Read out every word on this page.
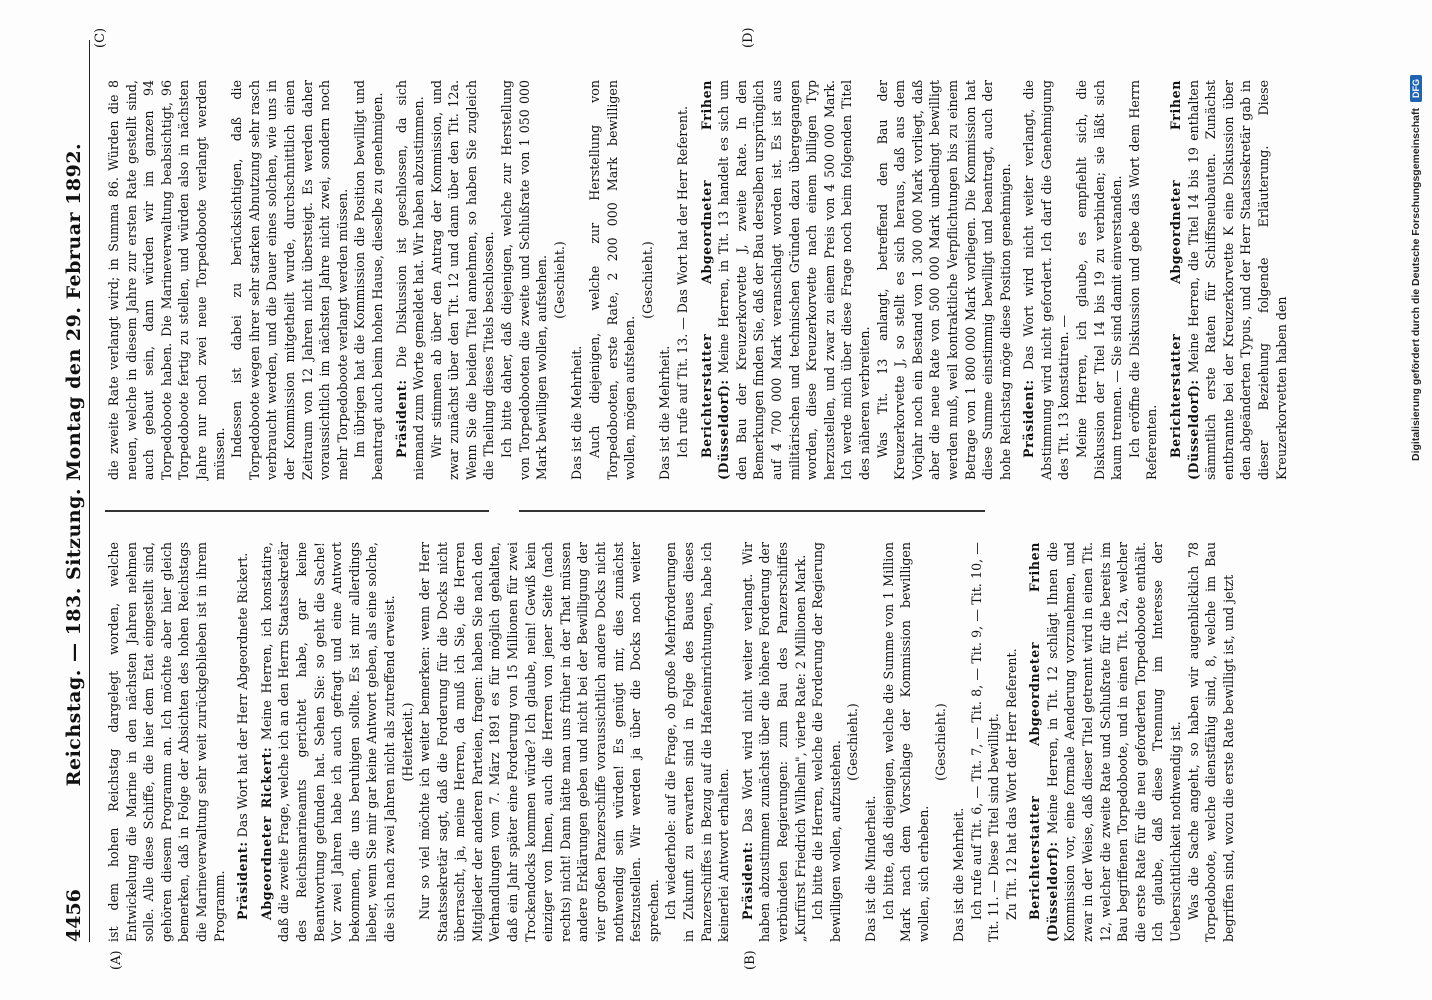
4456
Reichstag. — 183. Sitzung. Montag den 29. Februar 1892.
(A)	(B)
(C)	(D)

ist dem hohen Reichstag dargelegt worden, welche Entwickelung die Marine in den nächsten Jahren nehmen solle. Alle diese Schiffe, die hier dem Etat eingestellt sind, gehören diesem Programm an. Ich möchte aber hier gleich bemerken, daß in Folge der Absichten des hohen Reichstags die Marineverwaltung sehr weit zurückgeblieben ist in ihrem Programm. Präsident: Das Wort hat der Herr Abgeordnete Rickert. Abgeordneter Rickert: Meine Herren, ich konstatire, daß die zweite Frage, welche ich an den Herrn Staatssekretär des Reichsmarineamts gerichtet habe, gar keine Beantwortung gefunden hat. Sehen Sie: so geht die Sache! Vor zwei Jahren habe ich auch gefragt und eine Antwort bekommen, die uns beruhigen sollte. Es ist mir allerdings lieber, wenn Sie mir gar keine Antwort geben, als eine solche, die sich nach zwei Jahren nicht als zutreffend erweist. (Heiterkeit.) Nur so viel möchte ich weiter bemerken: wenn der Herr Staatssekretär sagt, daß die Forderung für die Docks nicht überrascht, ja, meine Herren, da muß ich Sie, die Herren Mitglieder der anderen Parteien, fragen: haben Sie nach den Verhandlungen vom 7. März 1891 es für möglich gehalten, daß ein Jahr später eine Forderung von 15 Millionen für zwei Trockendocks kommen würde? Ich glaube, nein! Gewiß kein einziger von Ihnen, auch die Herren von jener Seite (nach rechts) nicht! Dann hätte man uns früher in der That müssen andere Erklärungen geben und nicht bei der Bewilligung der vier großen Panzerschiffe voraussichtlich andere Docks nicht nothwendig sein würden! Es genügt mir, dies zunächst festzustellen. Wir werden ja über die Docks noch weiter sprechen. Ich wiederhole: auf die Frage, ob große Mehrforderungen in Zukunft zu erwarten sind in Folge des Baues dieses Panzerschiffes in Bezug auf die Hafeneinrichtungen, habe ich keinerlei Antwort erhalten. Präsident: Das Wort wird nicht weiter verlangt. Wir haben abzustimmen zunächst über die höhere Forderung der verbündeten Regierungen: zum Bau des Panzerschiffes „Kurfürst Friedrich Wilhelm", vierte Rate: 2 Millionen Mark. Ich bitte die Herren, welche die Forderung der Regierung bewilligen wollen, aufzustehen. (Geschieht.)

Das ist die Minderheit. Ich bitte, daß diejenigen, welche die Summe von 1 Million Mark nach dem Vorschlage der Kommission bewilligen wollen, sich erheben.

(Geschieht.)

Das ist die Mehrheit. Ich rufe auf Tit. 6, — Tit. 7, — Tit. 8, — Tit. 9, — Tit. 10, — Tit. 11. — Diese Titel sind bewilligt. Zu Tit. 12 hat das Wort der Herr Referent. Berichterstatter Abgeordneter Frihen (Düsseldorf): Meine Herren, in Tit. 12 schlägt Ihnen die Kommission vor, eine formale Aenderung vorzunehmen, und zwar in der Weise, daß dieser Titel getrennt wird in einen Tit. 12, welcher die zweite Rate und Schlußrate für die bereits im Bau begriffenen Torpedoboote, und in einen Tit. 12a, welcher die erste Rate für die neu geforderten Torpedoboote enthält. Ich glaube, daß diese Trennung im Interesse der Uebersichtlichkeit nothwendig ist. Was die Sache angeht, so haben wir augenblicklich 78 Torpedoboote, welche dienstfähig sind, 8, welche im Bau begriffen sind, wozu die erste Rate bewilligt ist, und jetzt

die zweite Rate verlangt wird; in Summa 86. Würden die 8 neuen, welche in diesem Jahre zur ersten Rate gestellt sind, auch gebaut sein, dann würden wir im ganzen 94 Torpedoboote haben. Die Marineverwaltung beabsichtigt, 96 Torpedoboote fertig zu stellen, und würden also in nächsten Jahre nur noch zwei neue Torpedoboote verlangt werden müssen. Indessen ist dabei zu berücksichtigen, daß die Torpedoboote wegen ihrer sehr starken Abnutzung sehr rasch verbraucht werden, und die Dauer eines solchen, wie uns in der Kommission mitgetheilt wurde, durchschnittlich einen Zeitraum von 12 Jahren nicht übersteigt. Es werden daher voraussichtlich im nächsten Jahre nicht zwei, sondern noch mehr Torpedoboote verlangt werden müssen. Im übrigen hat die Kommission die Position bewilligt und beantragt auch beim hohen Hause, dieselbe zu genehmigen. Präsident: Die Diskussion ist geschlossen, da sich niemand zum Worte gemeldet hat. Wir haben abzustimmen. Wir stimmen ab über den Antrag der Kommission, und zwar zunächst über den Tit. 12 und dann über den Tit. 12a. Wenn Sie die beiden Titel annehmen, so haben Sie zugleich die Theilung dieses Titels beschlossen. Ich bitte daher, daß diejenigen, welche zur Herstellung von Torpedobooten die zweite und Schlußrate von 1 050 000 Mark bewilligen wollen, aufstehen. (Geschieht.)

Das ist die Mehrheit. Auch diejenigen, welche zur Herstellung von Torpedobooten, erste Rate, 2 200 000 Mark bewilligen wollen, mögen aufstehen.

(Geschieht.)

Das ist die Mehrheit. Ich rufe auf Tit. 13. — Das Wort hat der Herr Referent. Berichterstatter Abgeordneter Frihen (Düsseldorf): Meine Herren, in Tit. 13 handelt es sich um den Bau der Kreuzerkorvette J, zweite Rate. In den Bemerkungen finden Sie, daß der Bau derselben ursprünglich auf 4 700 000 Mark veranschlagt worden ist. Es ist aus militärischen und technischen Gründen dazu übergegangen worden, diese Kreuzerkorvette nach einem billigen Typ herzustellen, und zwar zu einem Preis von 4 500 000 Mark. Ich werde mich über diese Frage noch beim folgenden Titel des näheren verbreiten. Was Tit. 13 anlangt, betreffend den Bau der Kreuzerkorvette J, so stellt es sich heraus, daß aus dem Vorjahr noch ein Bestand von 1 300 000 Mark vorliegt, daß aber die neue Rate von 500 000 Mark unbedingt bewilligt werden muß, weil kontraktliche Verpflichtungen bis zu einem Betrage von 1 800 000 Mark vorliegen. Die Kommission hat diese Summe einstimmig bewilligt und beantragt, auch der hohe Reichstag möge diese Position genehmigen. Präsident: Das Wort wird nicht weiter verlangt, die Abstimmung wird nicht gefordert. Ich darf die Genehmigung des Tit. 13 konstatiren. — Meine Herren, ich glaube, es empfiehlt sich, die Diskussion der Titel 14 bis 19 zu verbinden; sie läßt sich kaum trennen. — Sie sind damit einverstanden. Ich eröffne die Diskussion und gebe das Wort dem Herrn Referenten. Berichterstatter Abgeordneter Frihen (Düsseldorf): Meine Herren, die Titel 14 bis 19 enthalten sämmtlich erste Raten für Schiffsneubauten. Zunächst entbrannte bei der Kreuzerkorvette K eine Diskussion über den abgeänderten Typus, und der Herr Staatssekretär gab in dieser Beziehung folgende Erläuterung. Diese Kreuzerkorvetten haben den	Digitalisierung gefördert durch die Deutsche Forschungsgemeinschaft
DFG
